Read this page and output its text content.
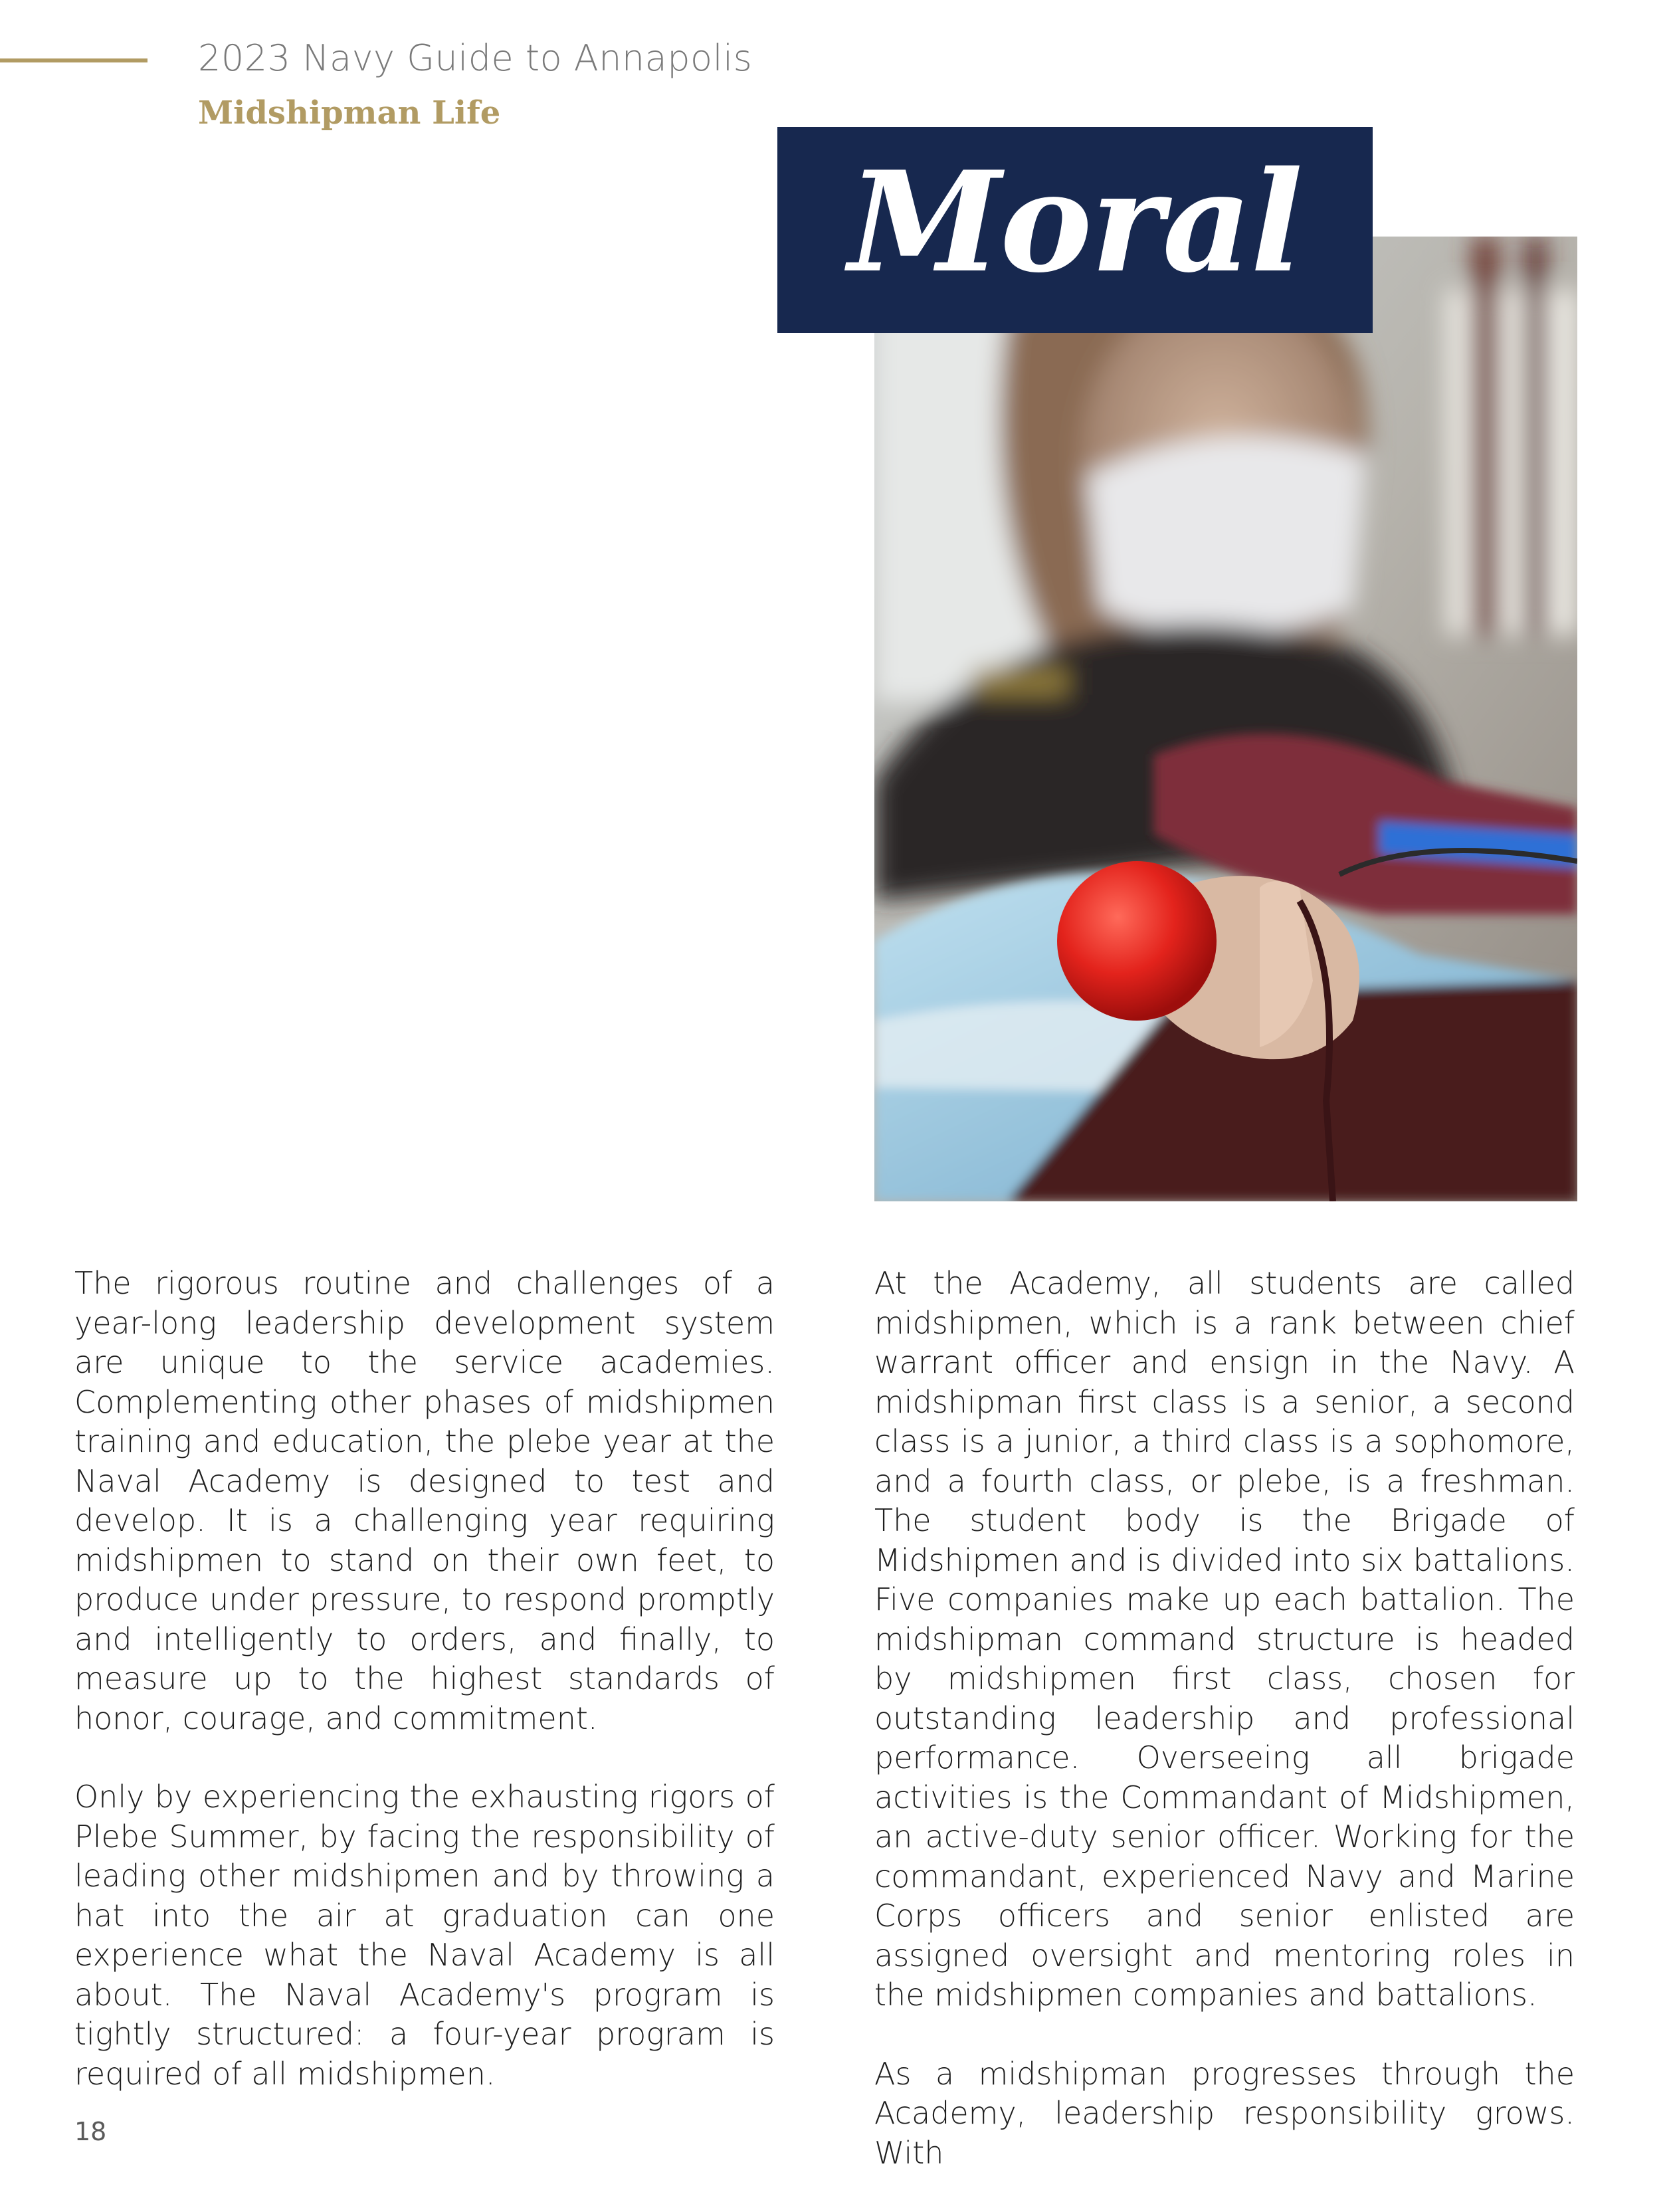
2023 Navy Guide to Annapolis
Midshipman Life
Moral

The rigorous routine and challenges of a year-long leadership development system are unique to the service academies. Complementing other phases of midshipmen training and education, the plebe year at the Naval Academy is designed to test and develop. It is a challenging year requiring midshipmen to stand on their own feet, to produce under pressure, to respond promptly and intelligently to orders, and finally, to measure up to the highest standards of honor, courage, and commitment.

Only by experiencing the exhausting rigors of Plebe Summer, by facing the responsibility of leading other midshipmen and by throwing a hat into the air at graduation can one experience what the Naval Academy is all about. The Naval Academy's program is tightly structured: a four-year program is required of all midshipmen.

At the Academy, all students are called midshipmen, which is a rank between chief warrant officer and ensign in the Navy. A midshipman first class is a senior, a second class is a junior, a third class is a sophomore, and a fourth class, or plebe, is a freshman. The student body is the Brigade of Midshipmen and is divided into six battalions. Five companies make up each battalion. The midshipman command structure is headed by midshipmen first class, chosen for outstanding leadership and professional performance. Overseeing all brigade activities is the Commandant of Midshipmen, an active-duty senior officer. Working for the commandant, experienced Navy and Marine Corps officers and senior enlisted are assigned oversight and mentoring roles in the midshipmen companies and battalions.

As a midshipman progresses through the Academy, leadership responsibility grows. With

18
